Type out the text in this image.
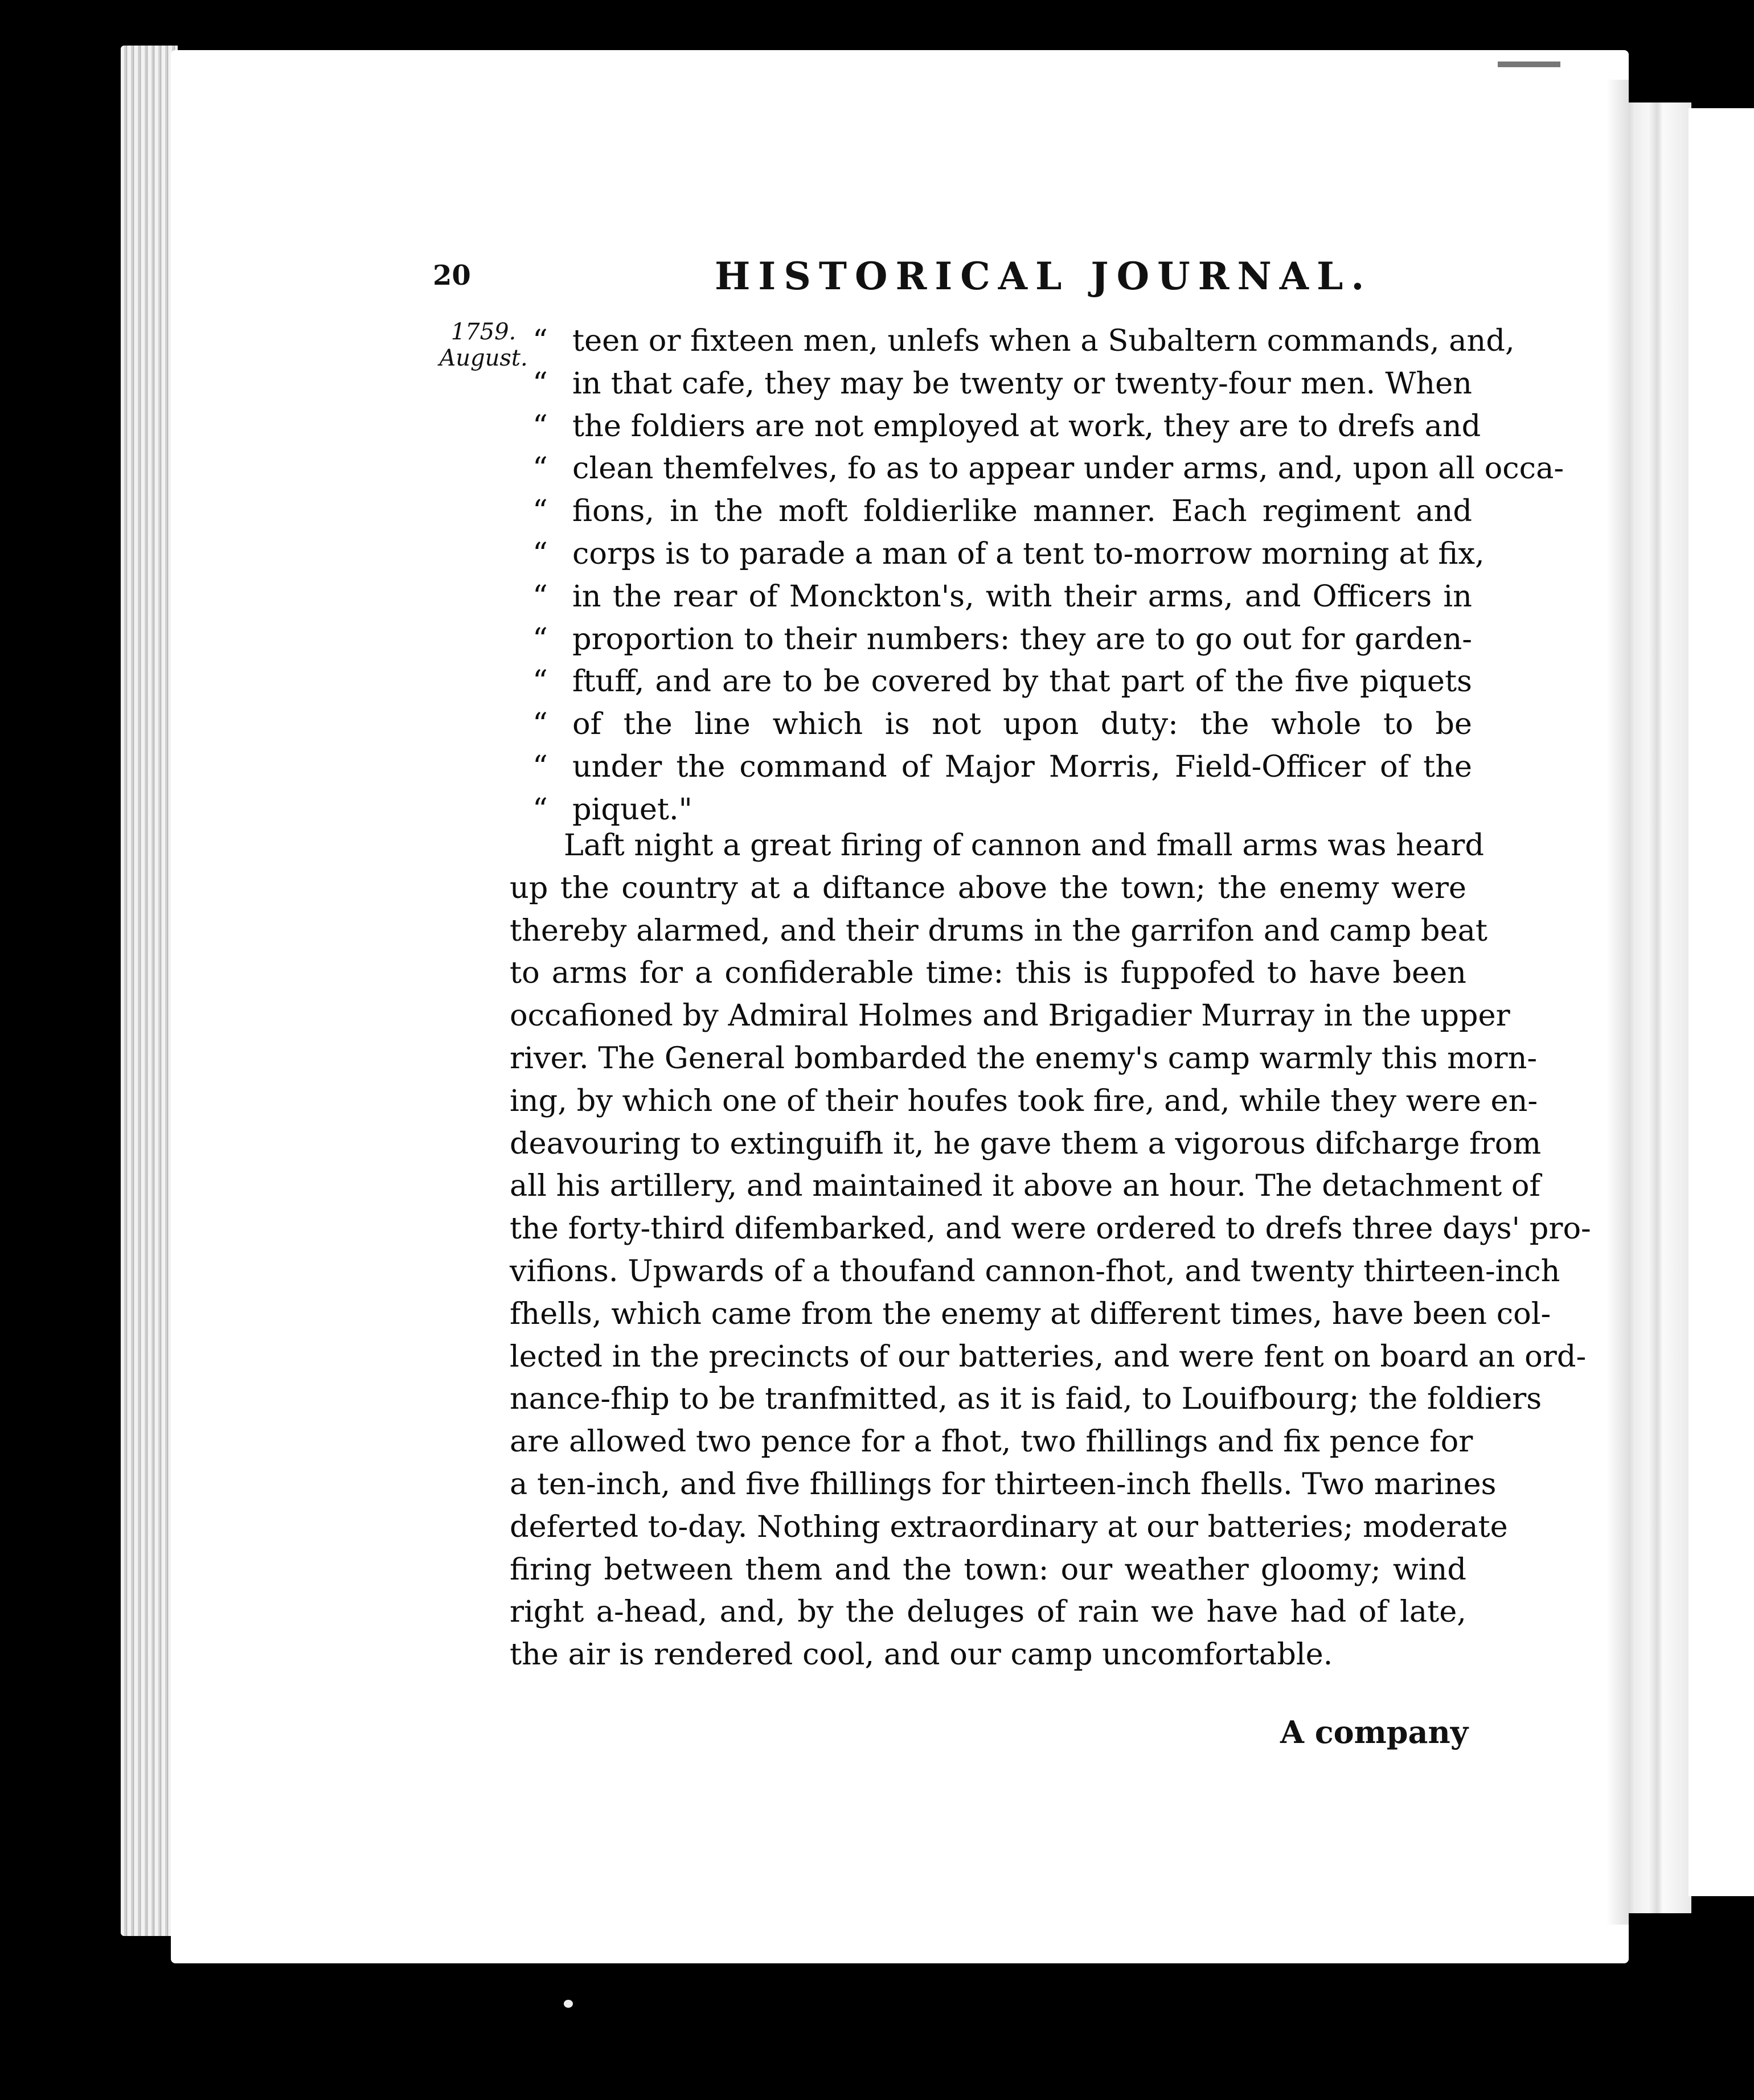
20	HISTORICAL JOURNAL.
1759.
August. “ teen or fixteen men, unlefs when a Subaltern commands, and,
“ in that cafe, they may be twenty or twenty-four men. When
“ the foldiers are not employed at work, they are to drefs and
“ clean themfelves, fo as to appear under arms, and, upon all occa-
“ fions, in the moft foldierlike manner. Each regiment and
“ corps is to parade a man of a tent to-morrow morning at fix,
“ in the rear of Monckton's, with their arms, and Officers in
“ proportion to their numbers: they are to go out for garden-
“ ftuff, and are to be covered by that part of the five piquets
“ of the line which is not upon duty: the whole to be
“ under the command of Major Morris, Field-Officer of the
“ piquet."
Laft night a great firing of cannon and fmall arms was heard
up the country at a diftance above the town; the enemy were
thereby alarmed, and their drums in the garrifon and camp beat
to arms for a confiderable time: this is fuppofed to have been
occafioned by Admiral Holmes and Brigadier Murray in the upper
river. The General bombarded the enemy's camp warmly this morn-
ing, by which one of their houfes took fire, and, while they were en-
deavouring to extinguifh it, he gave them a vigorous difcharge from
all his artillery, and maintained it above an hour. The detachment of
the forty-third difembarked, and were ordered to drefs three days' pro-
vifions. Upwards of a thoufand cannon-fhot, and twenty thirteen-inch
fhells, which came from the enemy at different times, have been col-
lected in the precincts of our batteries, and were fent on board an ord-
nance-fhip to be tranfmitted, as it is faid, to Louifbourg; the foldiers
are allowed two pence for a fhot, two fhillings and fix pence for
a ten-inch, and five fhillings for thirteen-inch fhells. Two marines
deferted to-day. Nothing extraordinary at our batteries; moderate
firing between them and the town: our weather gloomy; wind
right a-head, and, by the deluges of rain we have had of late,
the air is rendered cool, and our camp uncomfortable.
A company
